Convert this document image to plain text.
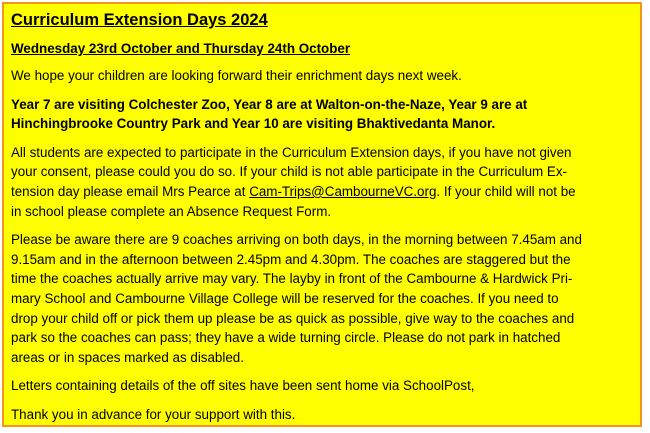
Curriculum Extension Days 2024
Wednesday 23rd October and Thursday 24th October

We hope your children are looking forward their enrichment days next week.

Year 7 are visiting Colchester Zoo, Year 8 are at Walton-on-the-Naze, Year 9 are at
Hinchingbrooke Country Park and Year 10 are visiting Bhaktivedanta Manor.

All students are expected to participate in the Curriculum Extension days, if you have not given
your consent, please could you do so. If your child is not able participate in the Curriculum Ex-
tension day please email Mrs Pearce at Cam-Trips@CambourneVC.org. If your child will not be
in school please complete an Absence Request Form.

Please be aware there are 9 coaches arriving on both days, in the morning between 7.45am and
9.15am and in the afternoon between 2.45pm and 4.30pm. The coaches are staggered but the
time the coaches actually arrive may vary. The layby in front of the Cambourne & Hardwick Pri-
mary School and Cambourne Village College will be reserved for the coaches. If you need to
drop your child off or pick them up please be as quick as possible, give way to the coaches and
park so the coaches can pass; they have a wide turning circle. Please do not park in hatched
areas or in spaces marked as disabled.

Letters containing details of the off sites have been sent home via SchoolPost,

Thank you in advance for your support with this.
